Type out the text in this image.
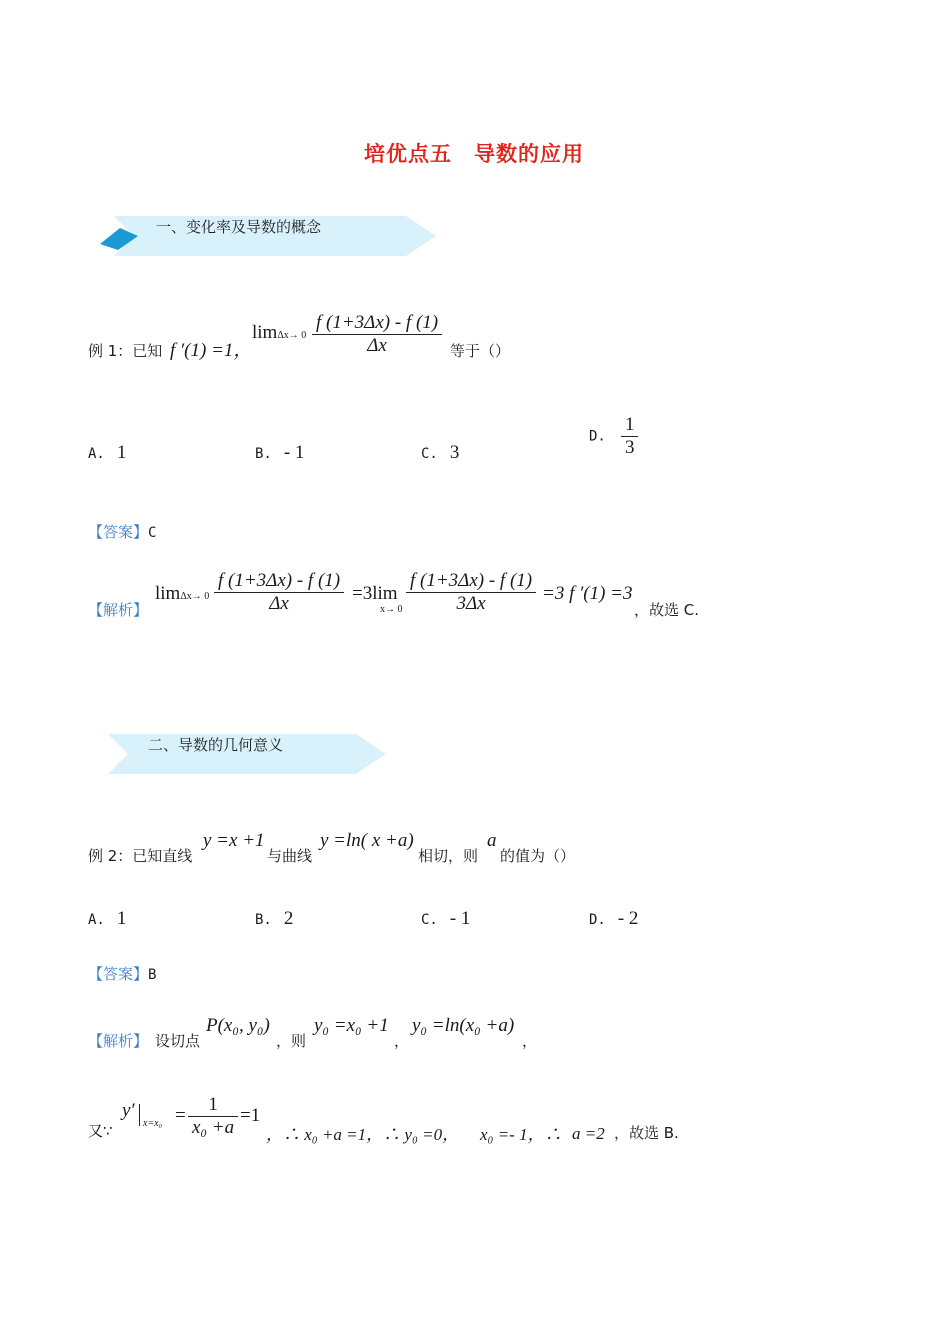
培优点五　导数的应用
一、变化率及导数的概念
例 1：已知 f ′(1) =1，
$\lim\Delta x\to 0 \frac{f (1+3\Delta x) - f (1)}{\Delta x}$ 等于（）
A. 1	B. - 1	C. 3
D. $\frac{1}{3}$
【答案】C
【解析】
$\lim\Delta x\to 0 \frac{f (1+3\Delta x) - f (1)}{\Delta x} =3\lim$
$x\to 0 \frac{f (1+3\Delta x) - f (1)}{3\Delta x} =3$ f ′(1) =3
，故选 C.
二、导数的几何意义
例 2：已知直线
y =x +1
与曲线
y =ln( x +a)
相切，则
a
的值为（）
A. 1	B. 2	C. - 1	D. - 2
【答案】B
【解析】 设切点
P(x₀, y₀)
，则
y₀ =x₀ +1
，
y₀ =ln(x₀ +a)
，
又∵
y′
$x=x_0 = \frac{1}{\text{x₀ +a}} =1$
，∴ x₀ +a =1，∴ y₀ =0， x₀ =- 1，∴ a =2 ，故选 B.
